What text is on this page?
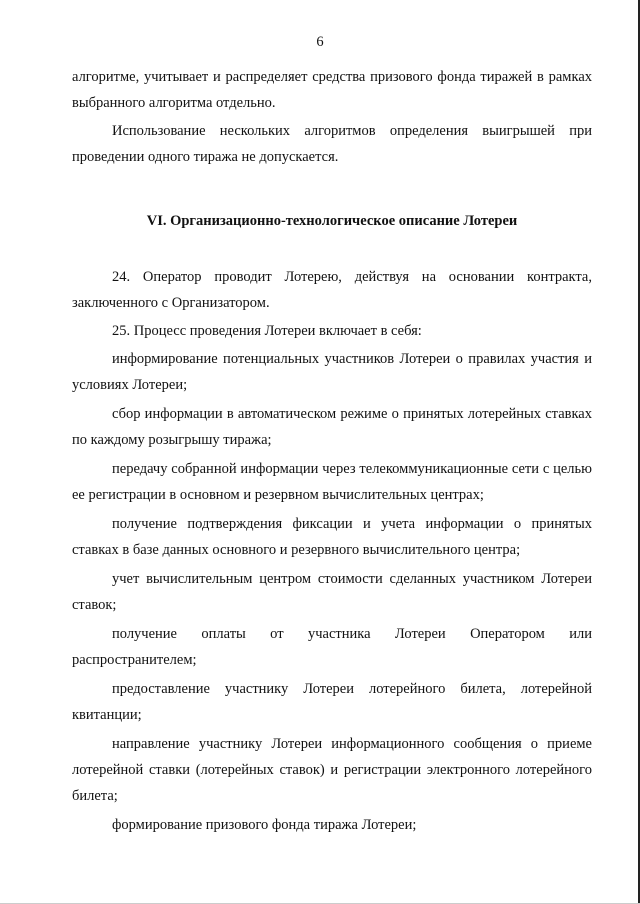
6

алгоритме, учитывает и распределяет средства призового фонда тиражей в рамках выбранного алгоритма отдельно.

Использование нескольких алгоритмов определения выигрышей при проведении одного тиража не допускается.

VI. Организационно-технологическое описание Лотереи

24. Оператор проводит Лотерею, действуя на основании контракта, заключенного с Организатором.

25. Процесс проведения Лотереи включает в себя:

информирование потенциальных участников Лотереи о правилах участия и условиях Лотереи;

сбор информации в автоматическом режиме о принятых лотерейных ставках по каждому розыгрышу тиража;

передачу собранной информации через телекоммуникационные сети с целью ее регистрации в основном и резервном вычислительных центрах;

получение подтверждения фиксации и учета информации о принятых ставках в базе данных основного и резервного вычислительного центра;

учет вычислительным центром стоимости сделанных участником Лотереи ставок;

получение оплаты от участника Лотереи Оператором или распространителем;

предоставление участнику Лотереи лотерейного билета, лотерейной квитанции;

направление участнику Лотереи информационного сообщения о приеме лотерейной ставки (лотерейных ставок) и регистрации электронного лотерейного билета;

формирование призового фонда тиража Лотереи;
